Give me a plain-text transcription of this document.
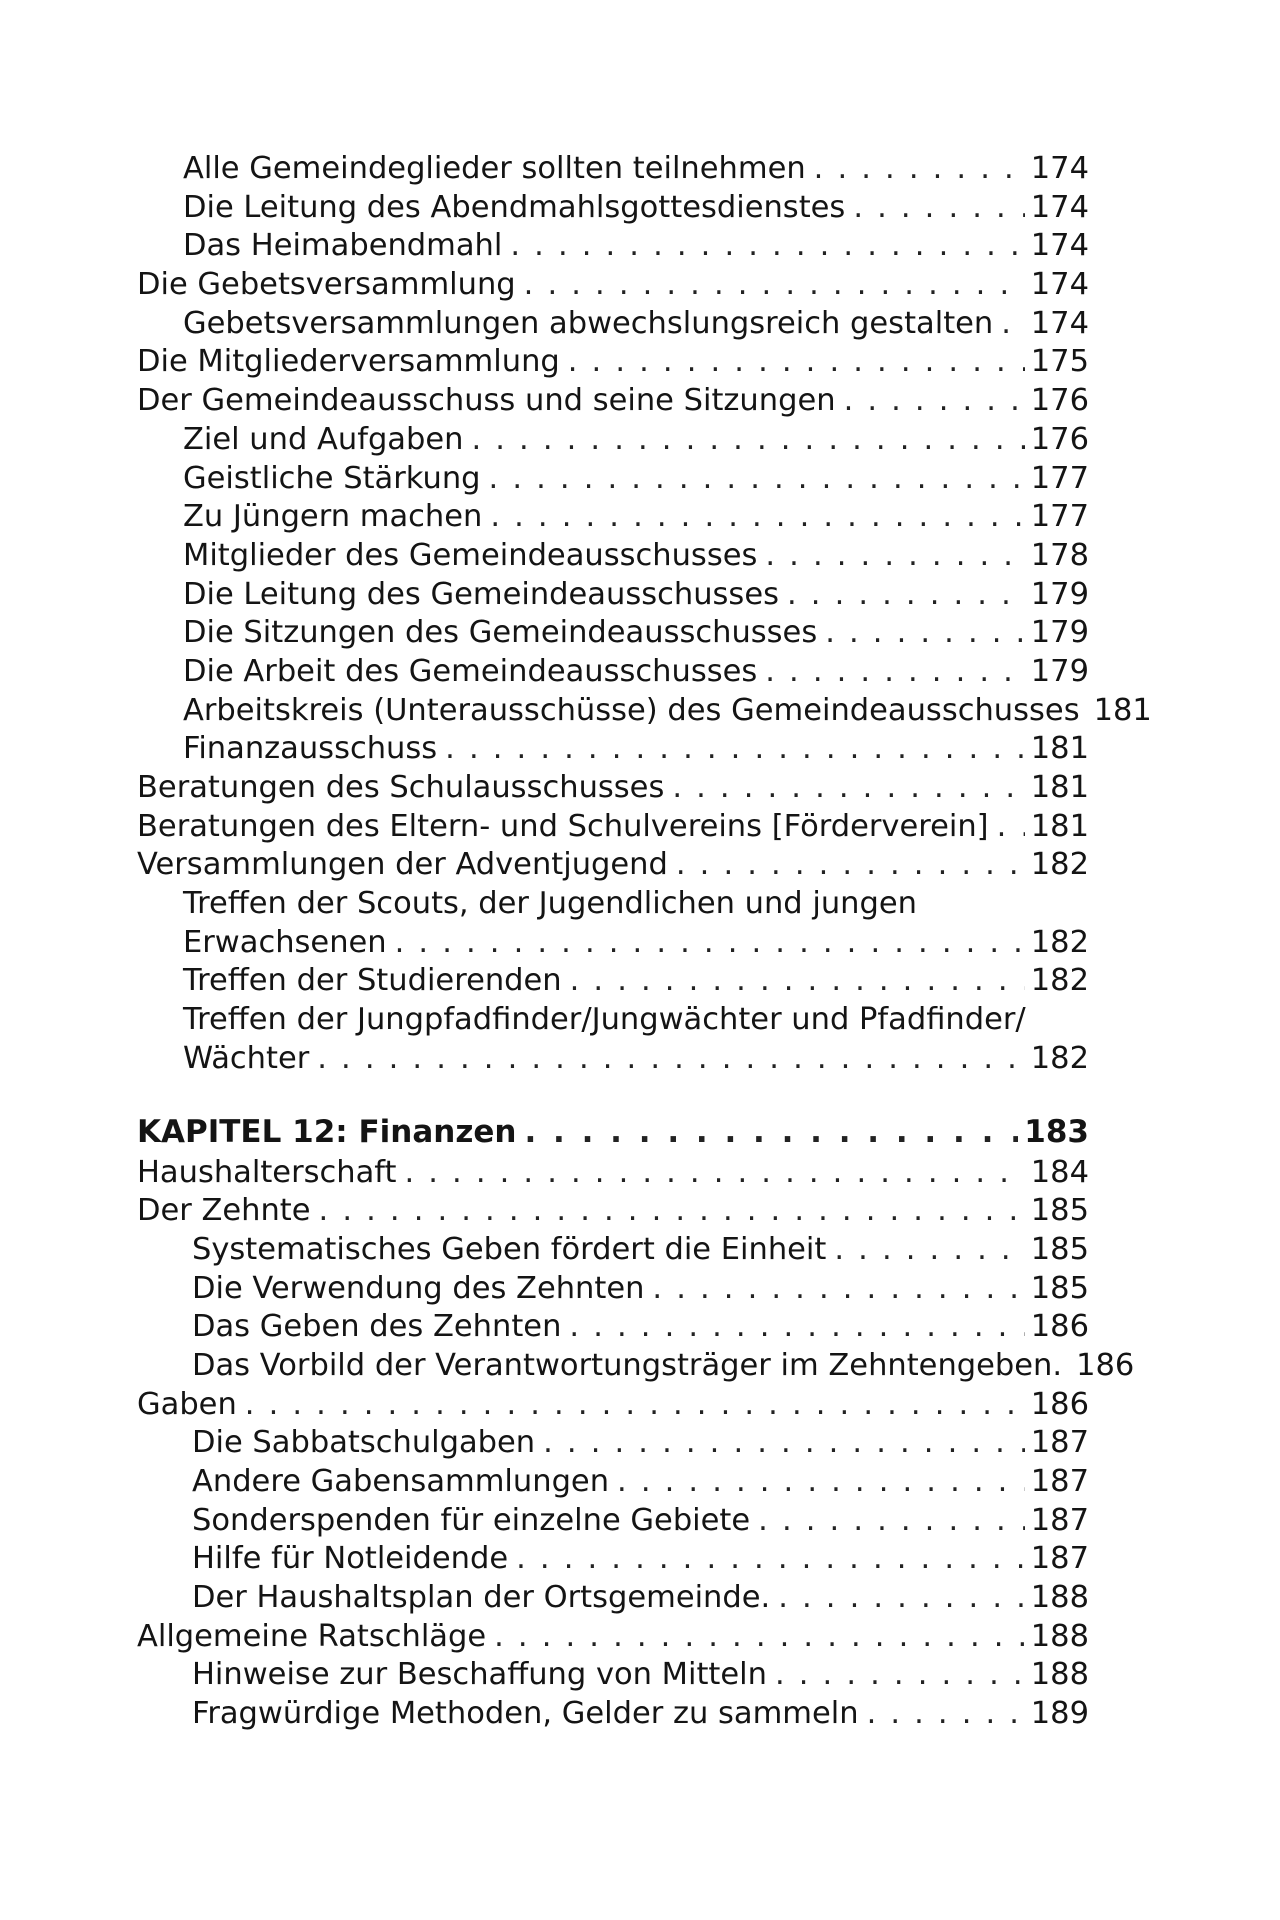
Alle Gemeindeglieder sollten teilnehmen . . .	174
Die Leitung des Abendmahlsgottesdienstes . . .	174
Das Heimabendmahl . . .	174
Die Gebetsversammlung . . .	174
Gebetsversammlungen abwechslungsreich gestalten . . . 174
Die Mitgliederversammlung . . .	175
Der Gemeindeausschuss und seine Sitzungen . . .	176
Ziel und Aufgaben . . .	176
Geistliche Stärkung . . .	177
Zu Jüngern machen . . .	177
Mitglieder des Gemeindeausschusses . . .	178
Die Leitung des Gemeindeausschusses . . .	179
Die Sitzungen des Gemeindeausschusses . . .	179
Die Arbeit des Gemeindeausschusses . . .	179
Arbeitskreis (Unterausschüsse) des Gemeindeausschusses 181
Finanzausschuss . . .	181
Beratungen des Schulausschusses . . .	181
Beratungen des Eltern- und Schulvereins [Förderverein] . . . 181
Versammlungen der Adventjugend . . .	182
Treffen der Scouts, der Jugendlichen und jungen
Erwachsenen . . .	182
Treffen der Studierenden . . .	182
Treffen der Jungpfadfinder/Jungwächter und Pfadfinder/
Wächter . . .	182
KAPITEL 12: Finanzen . . .	183
Haushalterschaft . . .	184
Der Zehnte . . .	185
Systematisches Geben fördert die Einheit . . .	185
Die Verwendung des Zehnten . . .	185
Das Geben des Zehnten . . .	186
Das Vorbild der Verantwortungsträger im Zehntengeben. 186
Gaben . . .	186
Die Sabbatschulgaben . . .	187
Andere Gabensammlungen . . .	187
Sonderspenden für einzelne Gebiete . . .	187
Hilfe für Notleidende . . .	187
Der Haushaltsplan der Ortsgemeinde. . . .	188
Allgemeine Ratschläge . . .	188
Hinweise zur Beschaffung von Mitteln . . .	188
Fragwürdige Methoden, Gelder zu sammeln . . .	189
